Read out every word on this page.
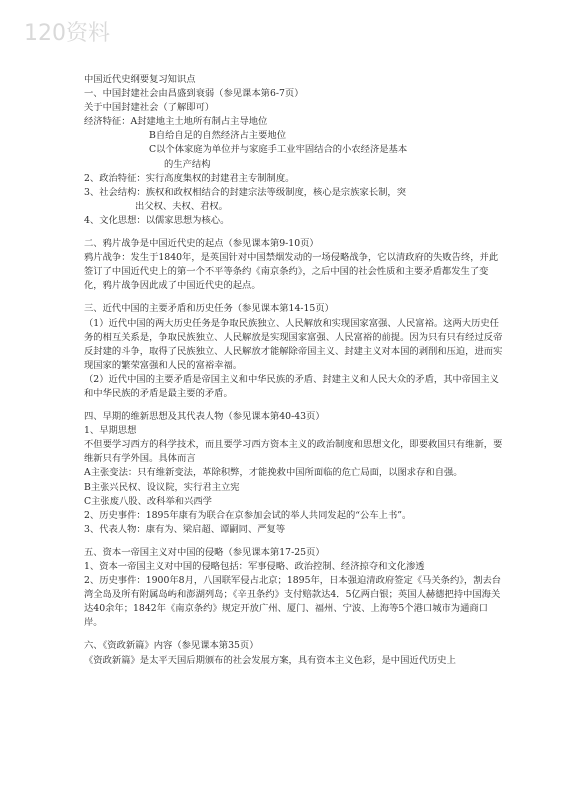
120资料

中国近代史纲要复习知识点

一、中国封建社会由昌盛到衰弱（参见课本第6-7页）

关于中国封建社会（了解即可）

经济特征：A封建地主土地所有制占主导地位

B自给自足的自然经济占主要地位

C以个体家庭为单位并与家庭手工业牢固结合的小农经济是基本

的生产结构

2、政治特征：实行高度集权的封建君主专制制度。

3、社会结构：族权和政权相结合的封建宗法等级制度，核心是宗族家长制，突

出父权、夫权、君权。

4、文化思想：以儒家思想为核心。

二、鸦片战争是中国近代史的起点（参见课本第9-10页）

鸦片战争：发生于1840年，是英国针对中国禁烟发动的一场侵略战争，它以清政府的失败告终，并此签订了中国近代史上的第一个不平等条约《南京条约》，之后中国的社会性质和主要矛盾都发生了变化，鸦片战争因此成了中国近代史的起点。

三、近代中国的主要矛盾和历史任务（参见课本第14-15页）

（1）近代中国的两大历史任务是争取民族独立、人民解放和实现国家富强、人民富裕。这两大历史任务的相互关系是，争取民族独立、人民解放是实现国家富强、人民富裕的前提。因为只有只有经过反帝反封建的斗争，取得了民族独立、人民解放才能解除帝国主义、封建主义对本国的剥削和压迫，进而实现国家的繁荣富强和人民的富裕幸福。

（2）近代中国的主要矛盾是帝国主义和中华民族的矛盾、封建主义和人民大众的矛盾，其中帝国主义和中华民族的矛盾是最主要的矛盾。

四、早期的维新思想及其代表人物（参见课本第40-43页）

1、早期思想

不但要学习西方的科学技术，而且要学习西方资本主义的政治制度和思想文化，即要救国只有维新，要维新只有学外国。具体而言

A主张变法：只有维新变法，革除积弊，才能挽救中国所面临的危亡局面，以图求存和自强。

B主张兴民权、设议院，实行君主立宪

C主张废八股、改科举和兴西学

2、历史事件：1895年康有为联合在京参加会试的举人共同发起的“公车上书”。

3、代表人物：康有为、梁启超、谭嗣同、严复等

五、资本一帝国主义对中国的侵略（参见课本第17-25页）

1、资本一帝国主义对中国的侵略包括：军事侵略、政治控制、经济掠夺和文化渗透

2、历史事件：1900年8月，八国联军侵占北京；1895年，日本强迫清政府签定《马关条约》，割去台湾全岛及所有附属岛屿和澎湖列岛；《辛丑条约》支付赔款达4．5亿两白银；英国人赫德把持中国海关达40余年；1842年《南京条约》规定开放广州、厦门、福州、宁波、上海等5个港口城市为通商口岸。

六、《资政新篇》内容（参见课本第35页）

《资政新篇》是太平天国后期颁布的社会发展方案，具有资本主义色彩，是中国近代历史上
